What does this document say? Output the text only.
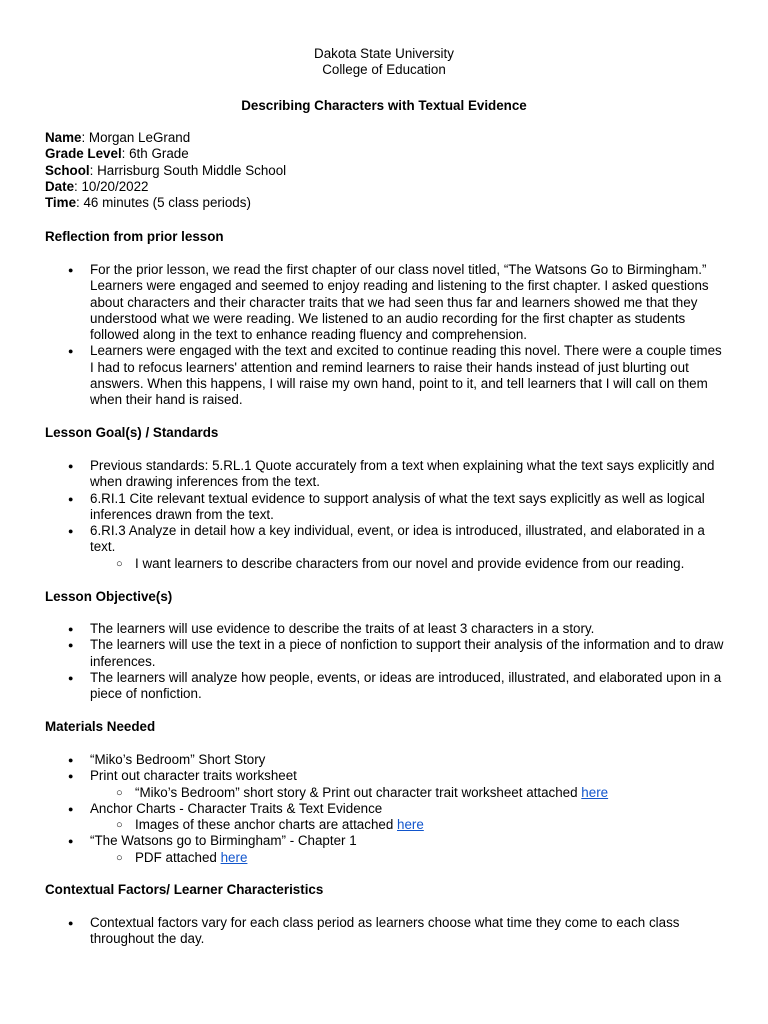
Dakota State University
College of Education
Describing Characters with Textual Evidence
Name: Morgan LeGrand
Grade Level: 6th Grade
School: Harrisburg South Middle School
Date: 10/20/2022
Time: 46 minutes (5 class periods)
Reflection from prior lesson
● For the prior lesson, we read the first chapter of our class novel titled, “The Watsons Go to Birmingham.” Learners were engaged and seemed to enjoy reading and listening to the first chapter. I asked questions about characters and their character traits that we had seen thus far and learners showed me that they understood what we were reading. We listened to an audio recording for the first chapter as students followed along in the text to enhance reading fluency and comprehension.
● Learners were engaged with the text and excited to continue reading this novel. There were a couple times I had to refocus learners' attention and remind learners to raise their hands instead of just blurting out answers. When this happens, I will raise my own hand, point to it, and tell learners that I will call on them when their hand is raised.
Lesson Goal(s) / Standards
● Previous standards: 5.RL.1 Quote accurately from a text when explaining what the text says explicitly and when drawing inferences from the text.
● 6.RI.1 Cite relevant textual evidence to support analysis of what the text says explicitly as well as logical inferences drawn from the text.
● 6.RI.3 Analyze in detail how a key individual, event, or idea is introduced, illustrated, and elaborated in a text.
○ I want learners to describe characters from our novel and provide evidence from our reading.
Lesson Objective(s)
● The learners will use evidence to describe the traits of at least 3 characters in a story.
● The learners will use the text in a piece of nonfiction to support their analysis of the information and to draw inferences.
● The learners will analyze how people, events, or ideas are introduced, illustrated, and elaborated upon in a piece of nonfiction.
Materials Needed
● “Miko’s Bedroom” Short Story
● Print out character traits worksheet
○ “Miko’s Bedroom” short story & Print out character trait worksheet attached here
● Anchor Charts - Character Traits & Text Evidence
○ Images of these anchor charts are attached here
● “The Watsons go to Birmingham” - Chapter 1
○ PDF attached here
Contextual Factors/ Learner Characteristics
● Contextual factors vary for each class period as learners choose what time they come to each class throughout the day.
